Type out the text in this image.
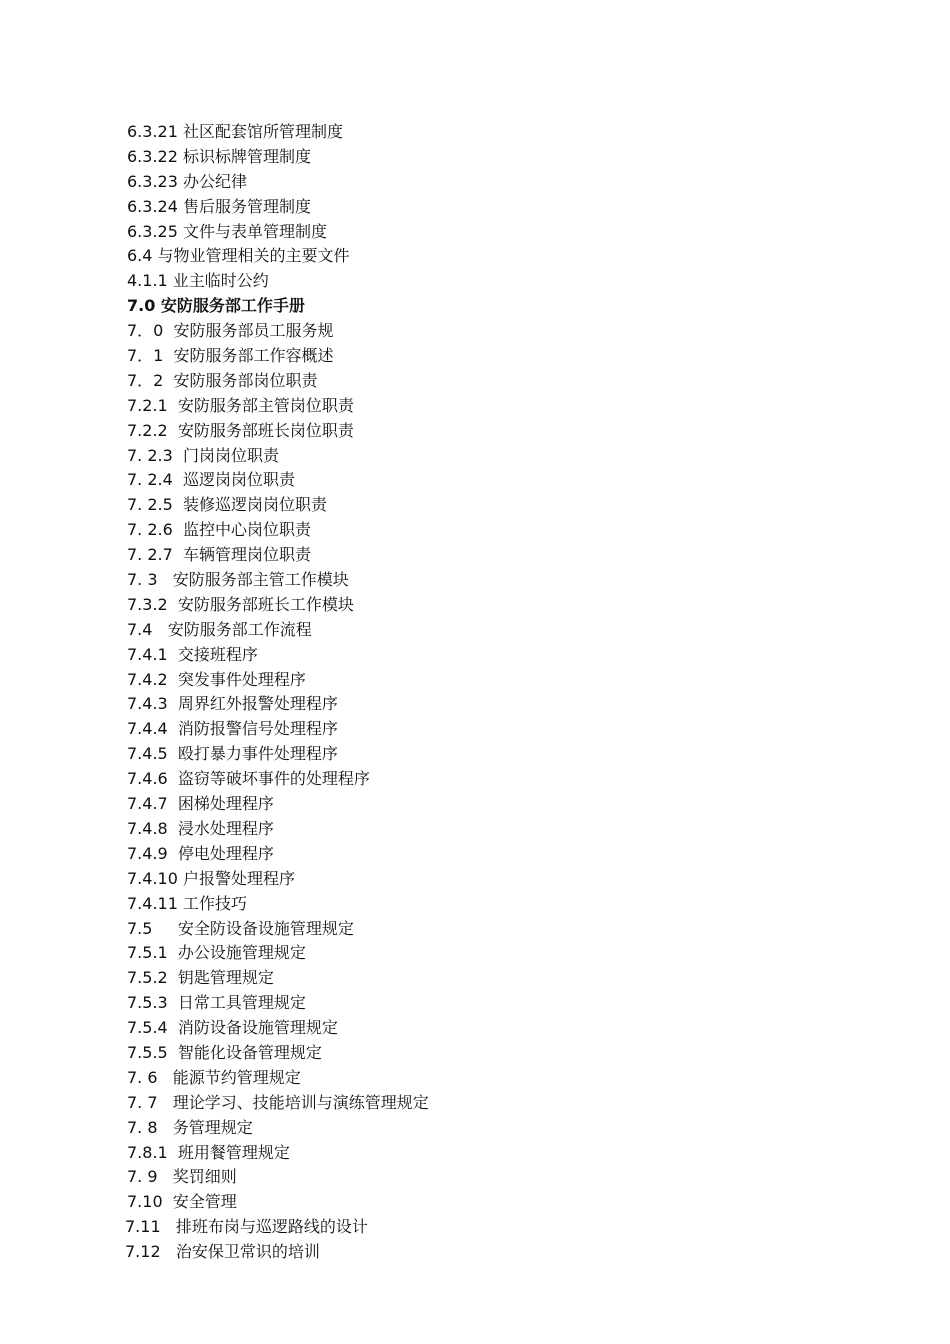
6.3.21 社区配套馆所管理制度
6.3.22 标识标牌管理制度
6.3.23 办公纪律
6.3.24 售后服务管理制度
6.3.25 文件与表单管理制度
6.4 与物业管理相关的主要文件
4.1.1 业主临时公约
7.0 安防服务部工作手册
7．0  安防服务部员工服务规
7．1  安防服务部工作容概述
7．2  安防服务部岗位职责
7.2.1  安防服务部主管岗位职责
7.2.2  安防服务部班长岗位职责
7. 2.3  门岗岗位职责
7. 2.4  巡逻岗岗位职责
7. 2.5  装修巡逻岗岗位职责
7. 2.6  监控中心岗位职责
7. 2.7  车辆管理岗位职责
7. 3   安防服务部主管工作模块
7.3.2  安防服务部班长工作模块
7.4   安防服务部工作流程
7.4.1  交接班程序
7.4.2  突发事件处理程序
7.4.3  周界红外报警处理程序
7.4.4  消防报警信号处理程序
7.4.5  殴打暴力事件处理程序
7.4.6  盗窃等破坏事件的处理程序
7.4.7  困梯处理程序
7.4.8  浸水处理程序
7.4.9  停电处理程序
7.4.10 户报警处理程序
7.4.11 工作技巧
7.5     安全防设备设施管理规定
7.5.1  办公设施管理规定
7.5.2  钥匙管理规定
7.5.3  日常工具管理规定
7.5.4  消防设备设施管理规定
7.5.5  智能化设备管理规定
7. 6   能源节约管理规定
7. 7   理论学习、技能培训与演练管理规定
7. 8   务管理规定
7.8.1  班用餐管理规定
7. 9   奖罚细则
7.10  安全管理
7.11   排班布岗与巡逻路线的设计
7.12   治安保卫常识的培训
